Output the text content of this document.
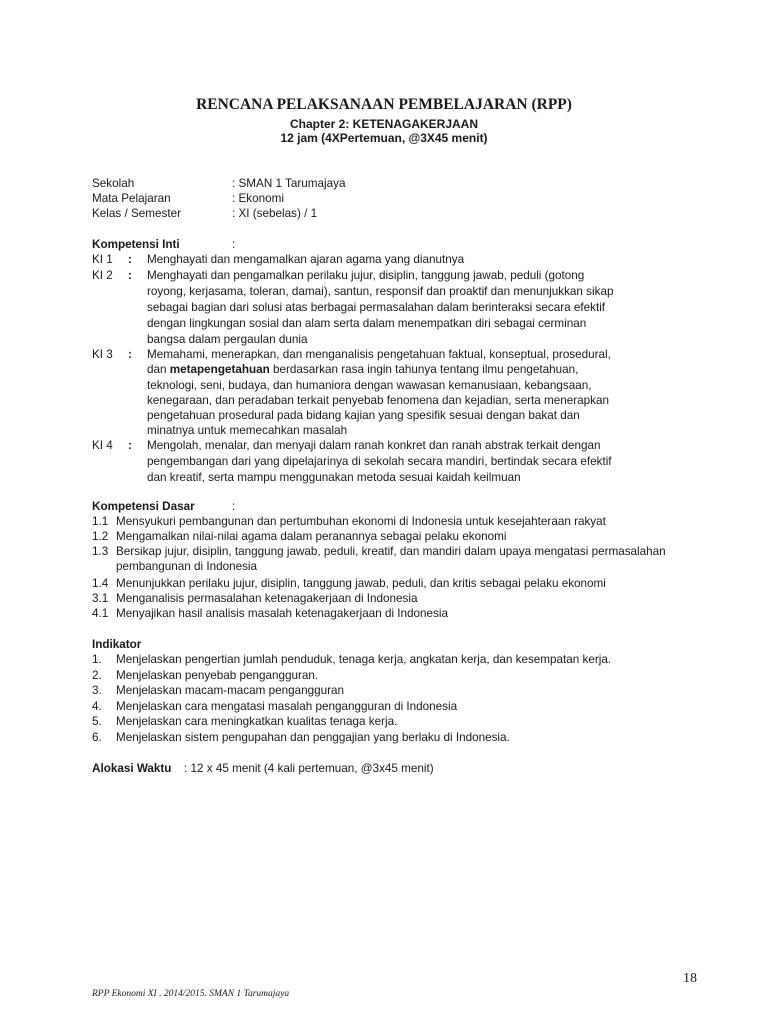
RENCANA PELAKSANAAN PEMBELAJARAN (RPP)
Chapter 2: KETENAGAKERJAAN
12 jam (4XPertemuan, @3X45 menit)
Sekolah	: SMAN 1 Tarumajaya
Mata Pelajaran	: Ekonomi
Kelas / Semester	: XI (sebelas) / 1
Kompetensi Inti	:
KI 1 : Menghayati dan mengamalkan ajaran agama yang dianutnya
KI 2 : Menghayati dan pengamalkan perilaku jujur, disiplin, tanggung jawab, peduli (gotong
royong, kerjasama, toleran, damai), santun, responsif dan proaktif dan menunjukkan sikap
sebagai bagian dari solusi atas berbagai permasalahan dalam berinteraksi secara efektif
dengan lingkungan sosial dan alam serta dalam menempatkan diri sebagai cerminan
bangsa dalam pergaulan dunia
KI 3 : Memahami, menerapkan, dan menganalisis pengetahuan faktual, konseptual, prosedural,
dan metapengetahuan berdasarkan rasa ingin tahunya tentang ilmu pengetahuan,
teknologi, seni, budaya, dan humaniora dengan wawasan kemanusiaan, kebangsaan,
kenegaraan, dan peradaban terkait penyebab fenomena dan kejadian, serta menerapkan
pengetahuan prosedural pada bidang kajian yang spesifik sesuai dengan bakat dan
minatnya untuk memecahkan masalah
KI 4 : Mengolah, menalar, dan menyaji dalam ranah konkret dan ranah abstrak terkait dengan
pengembangan dari yang dipelajarinya di sekolah secara mandiri, bertindak secara efektif
dan kreatif, serta mampu menggunakan metoda sesuai kaidah keilmuan
Kompetensi Dasar	:
1.1 Mensyukuri pembangunan dan pertumbuhan ekonomi di Indonesia untuk kesejahteraan rakyat
1.2 Mengamalkan nilai-nilai agama dalam peranannya sebagai pelaku ekonomi
1.3 Bersikap jujur, disiplin, tanggung jawab, peduli, kreatif, dan mandiri dalam upaya mengatasi permasalahan
pembangunan di Indonesia
1.4 Menunjukkan perilaku jujur, disiplin, tanggung jawab, peduli, dan kritis sebagai pelaku ekonomi
3.1 Menganalisis permasalahan ketenagakerjaan di Indonesia
4.1 Menyajikan hasil analisis masalah ketenagakerjaan di Indonesia
Indikator
1. Menjelaskan pengertian jumlah penduduk, tenaga kerja, angkatan kerja, dan kesempatan kerja.
2. Menjelaskan penyebab pengangguran.
3. Menjelaskan macam-macam pengangguran
4. Menjelaskan cara mengatasi masalah pengangguran di Indonesia
5. Menjelaskan cara meningkatkan kualitas tenaga kerja.
6. Menjelaskan sistem pengupahan dan penggajian yang berlaku di Indonesia.
Alokasi Waktu : 12 x 45 menit (4 kali pertemuan, @3x45 menit)
18
RPP Ekonomi XI . 2014/2015. SMAN 1 Tarumajaya
